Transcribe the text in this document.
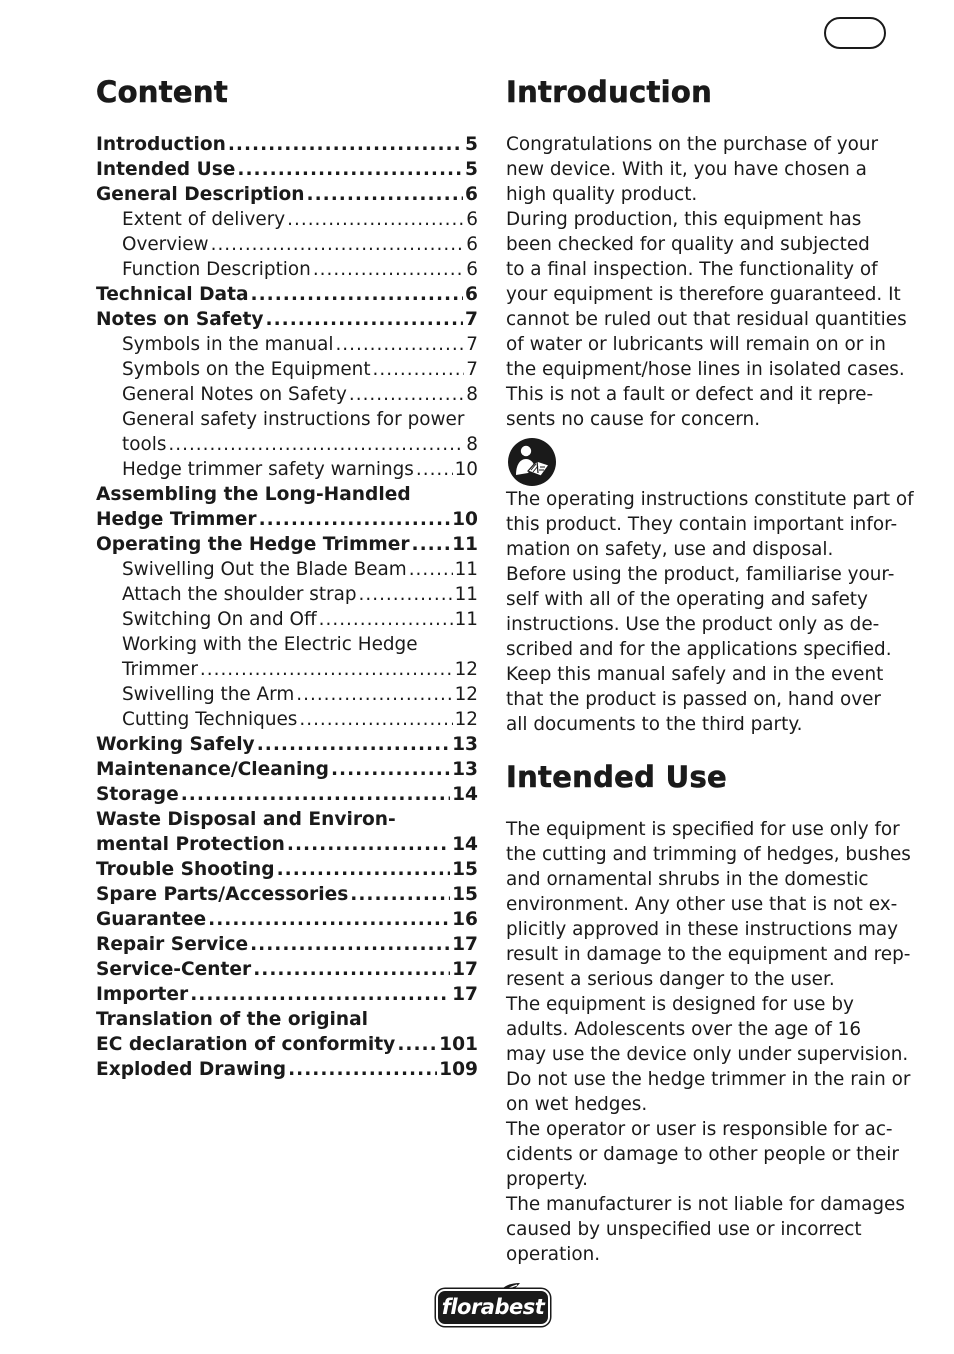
Content
Introduction .....	5
Intended Use .....	5
General Description .....	6
Extent of delivery .....	6
Overview .....	6
Function Description .....	6
Technical Data .....	6
Notes on Safety .....	7
Symbols in the manual .....	7
Symbols on the Equipment .....	7
General Notes on Safety .....	8
General safety instructions for power
tools .....	8
Hedge trimmer safety warnings ..... 10
Assembling the Long-Handled
Hedge Trimmer .....	10
Operating the Hedge Trimmer ..... 11
Swivelling Out the Blade Beam .....	11
Attach the shoulder strap .....	11
Switching On and Off .....	11
Working with the Electric Hedge
Trimmer .....	12
Swivelling the Arm .....	12
Cutting Techniques .....	12
Working Safely .....	13
Maintenance/Cleaning .....	13
Storage .....	14
Waste Disposal and Environ-
mental Protection .....	14
Trouble Shooting .....	15
Spare Parts/Accessories .....	15
Guarantee .....	16
Repair Service .....	17
Service-Center .....	17
Importer .....	17
Translation of the original
EC declaration of conformity ..... 101
Exploded Drawing .....	109
Introduction

Congratulations on the purchase of your

new device. With it, you have chosen a

high quality product.

During production, this equipment has

been checked for quality and subjected

to a final inspection. The functionality of

your equipment is therefore guaranteed. It

cannot be ruled out that residual quantities

of water or lubricants will remain on or in

the equipment/hose lines in isolated cases.

This is not a fault or defect and it repre-

sents no cause for concern.

The operating instructions constitute part of

this product. They contain important infor-

mation on safety, use and disposal.

Before using the product, familiarise your-

self with all of the operating and safety

instructions. Use the product only as de-

scribed and for the applications specified.

Keep this manual safely and in the event

that the product is passed on, hand over

all documents to the third party.

Intended Use

The equipment is specified for use only for

the cutting and trimming of hedges, bushes

and ornamental shrubs in the domestic

environment. Any other use that is not ex-

plicitly approved in these instructions may

result in damage to the equipment and rep-

resent a serious danger to the user.

The equipment is designed for use by

adults. Adolescents over the age of 16

may use the device only under supervision.

Do not use the hedge trimmer in the rain or

on wet hedges.

The operator or user is responsible for ac-

cidents or damage to other people or their

property.

The manufacturer is not liable for damages

caused by unspecified use or incorrect

operation.

florabest
